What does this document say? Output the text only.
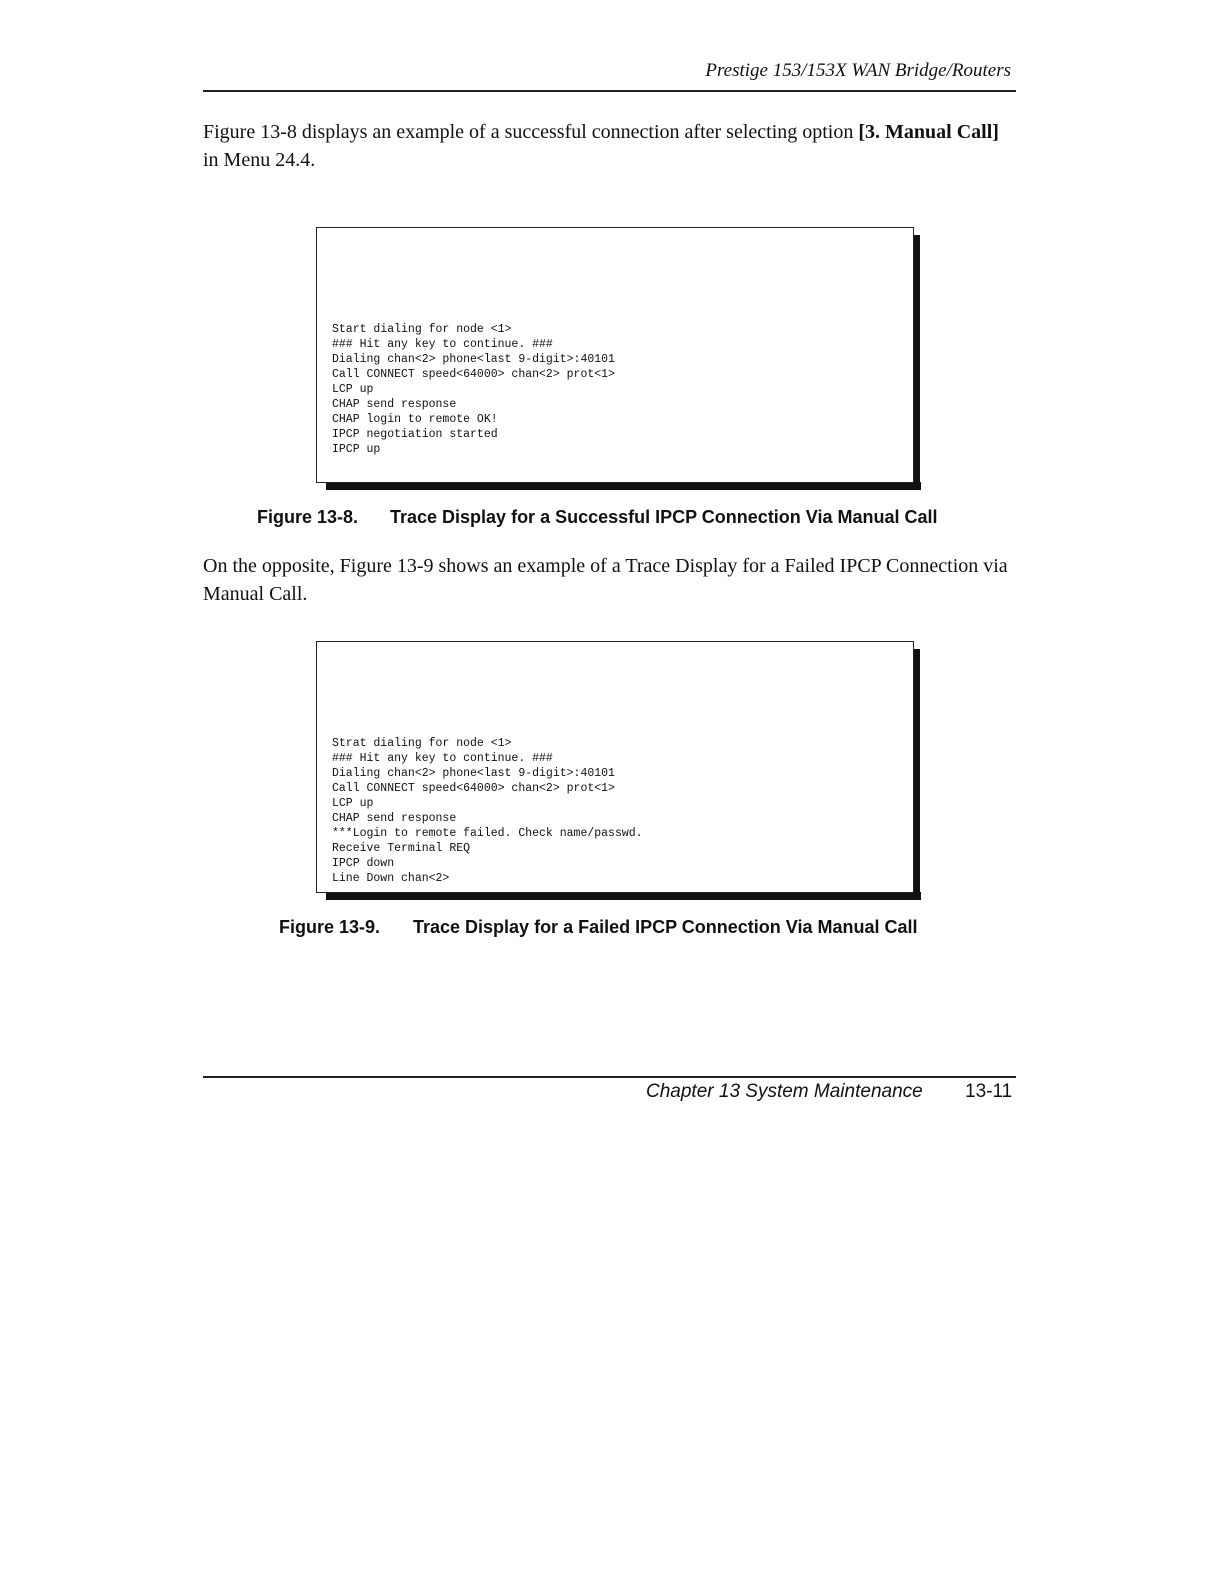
Prestige 153/153X WAN Bridge/Routers
Figure 13-8 displays an example of a successful connection after selecting option [3. Manual Call] in Menu 24.4.
Start dialing for node <1>
### Hit any key to continue. ###
Dialing chan<2> phone<last 9-digit>:40101
Call CONNECT speed<64000> chan<2> prot<1>
LCP up
CHAP send response
CHAP login to remote OK!
IPCP negotiation started
IPCP up
Figure 13-8. Trace Display for a Successful IPCP Connection Via Manual Call
On the opposite, Figure 13-9 shows an example of a Trace Display for a Failed IPCP Connection via Manual Call.
Strat dialing for node <1>
### Hit any key to continue. ###
Dialing chan<2> phone<last 9-digit>:40101
Call CONNECT speed<64000> chan<2> prot<1>
LCP up
CHAP send response
***Login to remote failed. Check name/passwd.
Receive Terminal REQ
IPCP down
Line Down chan<2>
Figure 13-9. Trace Display for a Failed IPCP Connection Via Manual Call
Chapter 13 System Maintenance 13-11
